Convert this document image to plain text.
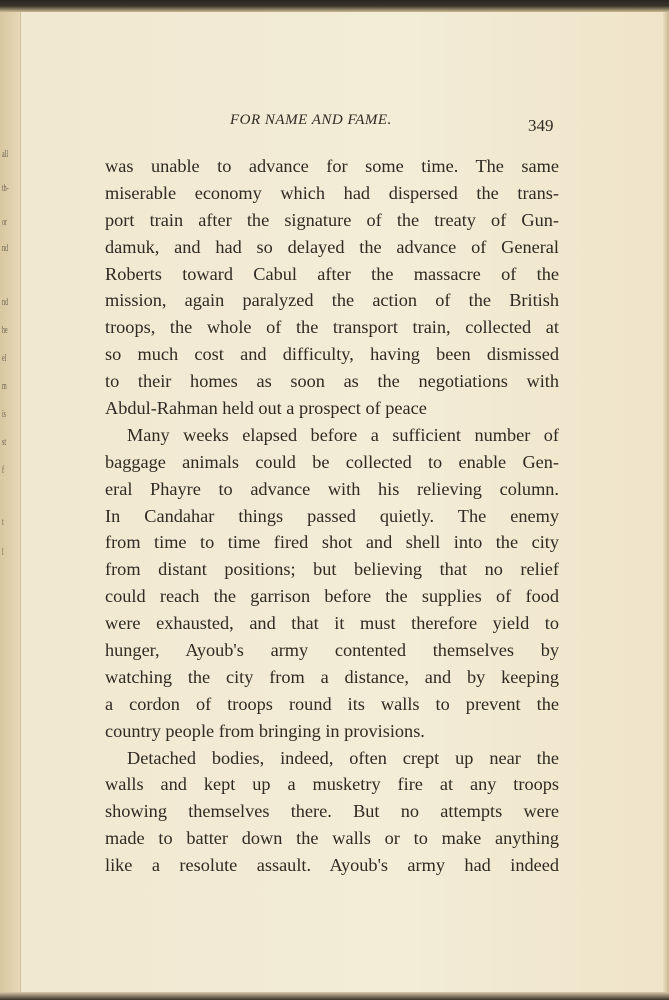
all
th-
or
nd
nd
he
el
m
is
st
f
t
l
FOR NAME AND FAME.	349
was unable to advance for some time. The same
miserable economy which had dispersed the trans-
port train after the signature of the treaty of Gun-
damuk, and had so delayed the advance of General
Roberts toward Cabul after the massacre of the
mission, again paralyzed the action of the British
troops, the whole of the transport train, collected at
so much cost and difficulty, having been dismissed
to their homes as soon as the negotiations with
Abdul-Rahman held out a prospect of peace
Many weeks elapsed before a sufficient number of
baggage animals could be collected to enable Gen-
eral Phayre to advance with his relieving column.
In Candahar things passed quietly. The enemy
from time to time fired shot and shell into the city
from distant positions; but believing that no relief
could reach the garrison before the supplies of food
were exhausted, and that it must therefore yield to
hunger, Ayoub's army contented themselves by
watching the city from a distance, and by keeping
a cordon of troops round its walls to prevent the
country people from bringing in provisions.
Detached bodies, indeed, often crept up near the
walls and kept up a musketry fire at any troops
showing themselves there. But no attempts were
made to batter down the walls or to make anything
like a resolute assault. Ayoub's army had indeed
